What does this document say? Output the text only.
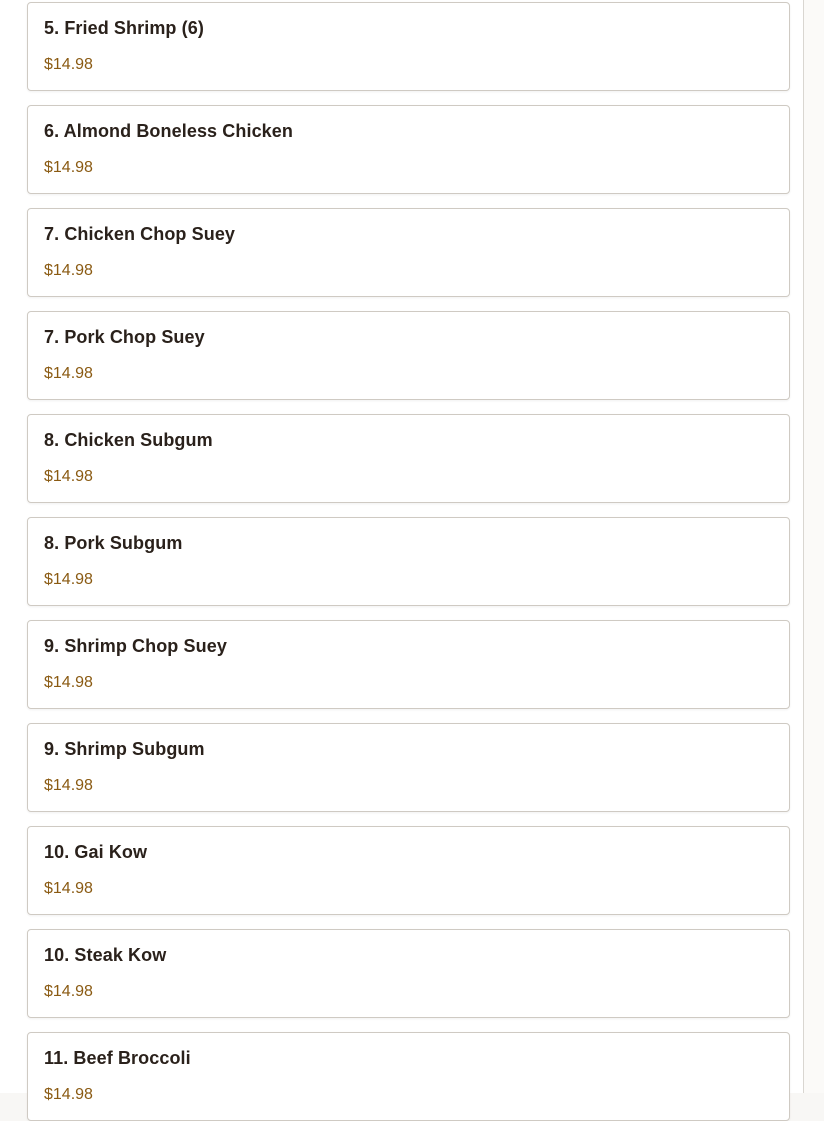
5. Fried Shrimp (6)
$14.98
6. Almond Boneless Chicken
$14.98
7. Chicken Chop Suey
$14.98
7. Pork Chop Suey
$14.98
8. Chicken Subgum
$14.98
8. Pork Subgum
$14.98
9. Shrimp Chop Suey
$14.98
9. Shrimp Subgum
$14.98
10. Gai Kow
$14.98
10. Steak Kow
$14.98
11. Beef Broccoli
$14.98
